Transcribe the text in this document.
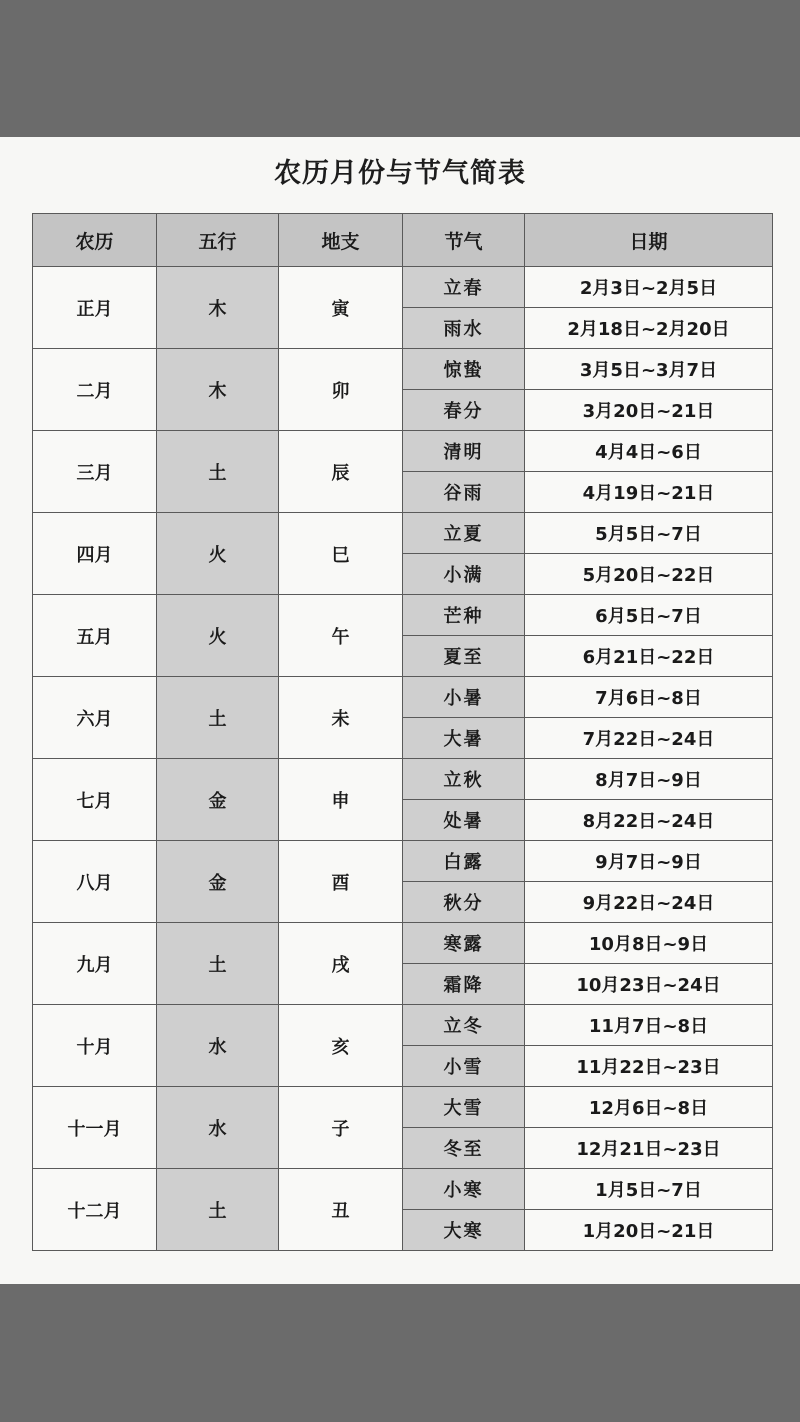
农历月份与节气简表
农历	五行	地支	节气	日期
正月	木	寅	立春	2月3日~2月5日
			雨水	2月18日~2月20日
二月	木	卯	惊蛰	3月5日~3月7日
			春分	3月20日~21日
三月	土	辰	清明	4月4日~6日
			谷雨	4月19日~21日
四月	火	巳	立夏	5月5日~7日
			小满	5月20日~22日
五月	火	午	芒种	6月5日~7日
			夏至	6月21日~22日
六月	土	未	小暑	7月6日~8日
			大暑	7月22日~24日
七月	金	申	立秋	8月7日~9日
			处暑	8月22日~24日
八月	金	酉	白露	9月7日~9日
			秋分	9月22日~24日
九月	土	戌	寒露	10月8日~9日
			霜降	10月23日~24日
十月	水	亥	立冬	11月7日~8日
			小雪	11月22日~23日
十一月	水	子	大雪	12月6日~8日
			冬至	12月21日~23日
十二月	土	丑	小寒	1月5日~7日
			大寒	1月20日~21日
